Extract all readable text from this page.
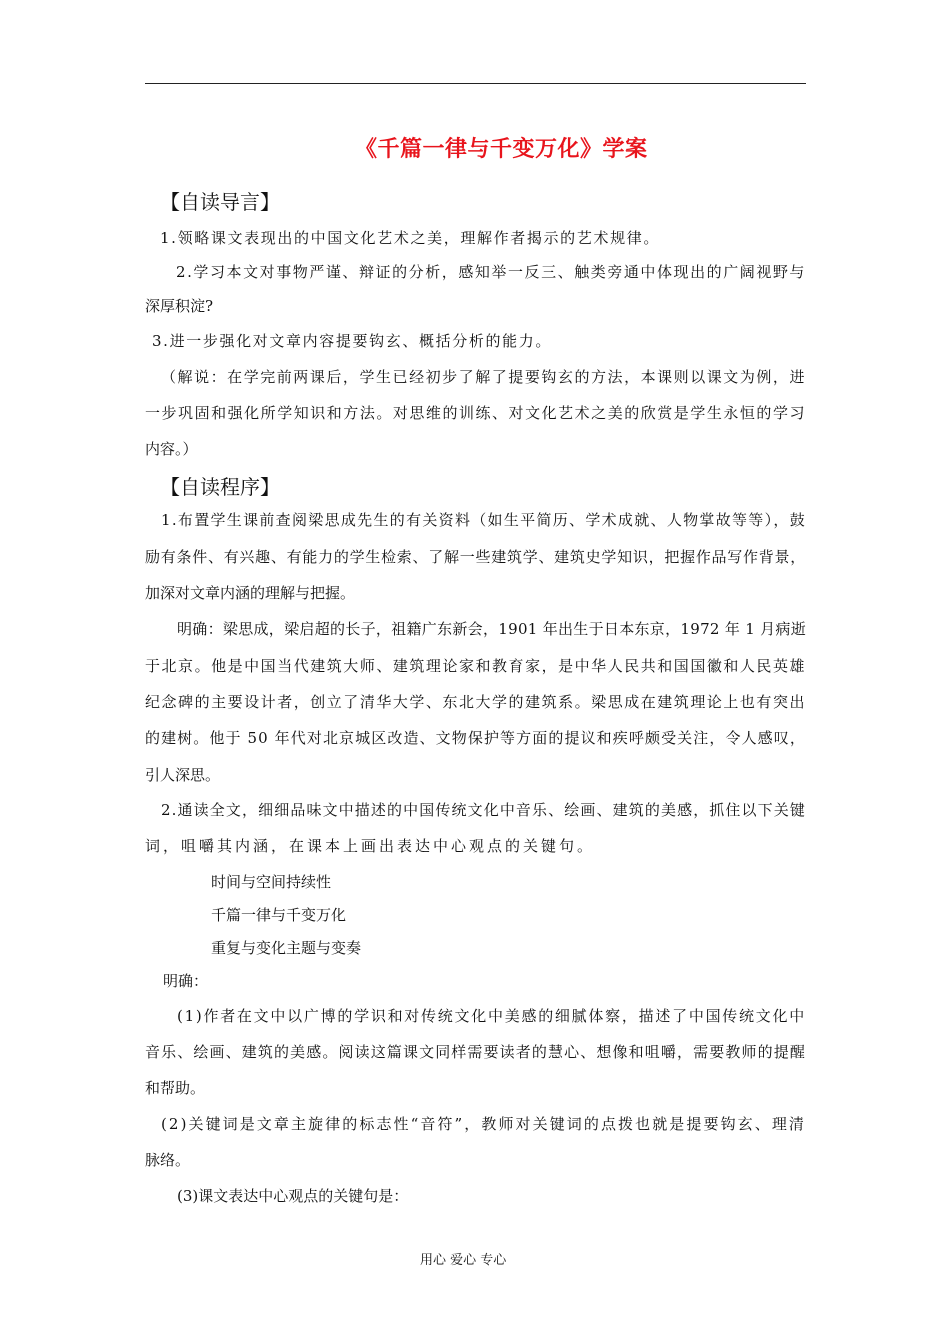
《千篇一律与千变万化》学案
【自读导言】
1.领略课文表现出的中国文化艺术之美，理解作者揭示的艺术规律。
2.学习本文对事物严谨、辩证的分析，感知举一反三、触类旁通中体现出的广阔视野与
深厚积淀?
3.进一步强化对文章内容提要钩玄、概括分析的能力。
（解说：在学完前两课后，学生已经初步了解了提要钩玄的方法，本课则以课文为例，进
一步巩固和强化所学知识和方法。对思维的训练、对文化艺术之美的欣赏是学生永恒的学习
内容。）
【自读程序】
1.布置学生课前查阅梁思成先生的有关资料（如生平简历、学术成就、人物掌故等等），鼓
励有条件、有兴趣、有能力的学生检索、了解一些建筑学、建筑史学知识，把握作品写作背景，
加深对文章内涵的理解与把握。
明确：梁思成，梁启超的长子，祖籍广东新会，1901 年出生于日本东京，1972 年 1 月病逝
于北京。他是中国当代建筑大师、建筑理论家和教育家，是中华人民共和国国徽和人民英雄
纪念碑的主要设计者，创立了清华大学、东北大学的建筑系。梁思成在建筑理论上也有突出
的建树。他于 50 年代对北京城区改造、文物保护等方面的提议和疾呼颇受关注，令人感叹，
引人深思。
2.通读全文，细细品味文中描述的中国传统文化中音乐、绘画、建筑的美感，抓住以下关键
词，咀嚼其内涵，在课本上画出表达中心观点的关键句。
时间与空间持续性
千篇一律与千变万化
重复与变化主题与变奏
明确：
(1)作者在文中以广博的学识和对传统文化中美感的细腻体察，描述了中国传统文化中
音乐、绘画、建筑的美感。阅读这篇课文同样需要读者的慧心、想像和咀嚼，需要教师的提醒
和帮助。
(2)关键词是文章主旋律的标志性“音符”，教师对关键词的点拨也就是提要钩玄、理清
脉络。
(3)课文表达中心观点的关键句是：
用心 爱心 专心
